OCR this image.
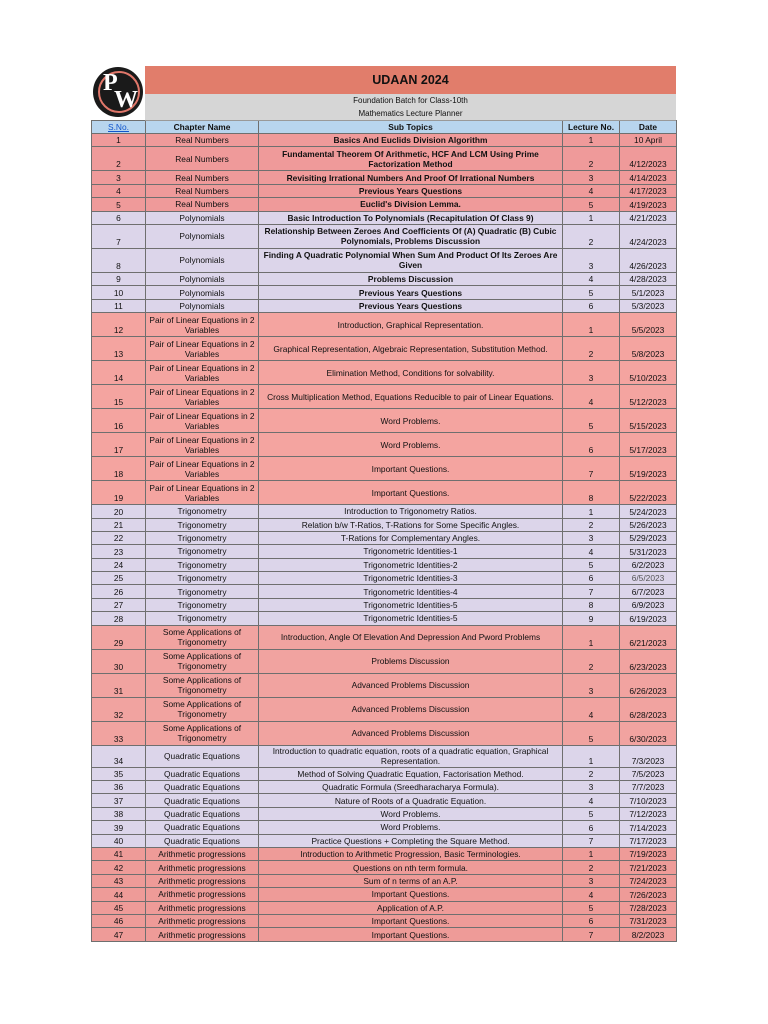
P
W
UDAAN 2024
Foundation Batch for Class-10th
Mathematics Lecture Planner
S.No.	Chapter Name	Sub Topics	Lecture No.	Date
1	Real Numbers	Basics And Euclids Division Algorithm	1	10 April
2	Real Numbers	Fundamental Theorem Of Arithmetic, HCF And LCM Using Prime Factorization Method	2	4/12/2023
3	Real Numbers	Revisiting Irrational Numbers And Proof Of Irrational Numbers	3	4/14/2023
4	Real Numbers	Previous Years Questions	4	4/17/2023
5	Real Numbers	Euclid's Division Lemma.	5	4/19/2023
6	Polynomials	Basic Introduction To Polynomials (Recapitulation Of Class 9)	1	4/21/2023
7	Polynomials	Relationship Between Zeroes And Coefficients Of (A) Quadratic (B) Cubic Polynomials, Problems Discussion	2	4/24/2023
8	Polynomials	Finding A Quadratic Polynomial When Sum And Product Of Its Zeroes Are Given	3	4/26/2023
9	Polynomials	Problems Discussion	4	4/28/2023
10	Polynomials	Previous Years Questions	5	5/1/2023
11	Polynomials	Previous Years Questions	6	5/3/2023
12	Pair of Linear Equations in 2 Variables	Introduction, Graphical Representation.	1	5/5/2023
13	Pair of Linear Equations in 2 Variables	Graphical Representation, Algebraic Representation, Substitution Method.	2	5/8/2023
14	Pair of Linear Equations in 2 Variables	Elimination Method, Conditions for solvability.	3	5/10/2023
15	Pair of Linear Equations in 2 Variables	Cross Multiplication Method, Equations Reducible to pair of Linear Equations.	4	5/12/2023
16	Pair of Linear Equations in 2 Variables	Word Problems.	5	5/15/2023
17	Pair of Linear Equations in 2 Variables	Word Problems.	6	5/17/2023
18	Pair of Linear Equations in 2 Variables	Important Questions.	7	5/19/2023
19	Pair of Linear Equations in 2 Variables	Important Questions.	8	5/22/2023
20	Trigonometry	Introduction to Trigonometry Ratios.	1	5/24/2023
21	Trigonometry	Relation b/w T-Ratios, T-Rations for Some Specific Angles.	2	5/26/2023
22	Trigonometry	T-Rations for Complementary Angles.	3	5/29/2023
23	Trigonometry	Trigonometric Identities-1	4	5/31/2023
24	Trigonometry	Trigonometric Identities-2	5	6/2/2023
25	Trigonometry	Trigonometric Identities-3	6	6/5/2023
26	Trigonometry	Trigonometric Identities-4	7	6/7/2023
27	Trigonometry	Trigonometric Identities-5	8	6/9/2023
28	Trigonometry	Trigonometric Identities-5	9	6/19/2023
29	Some Applications of Trigonometry	Introduction, Angle Of Elevation And Depression And Pword Problems	1	6/21/2023
30	Some Applications of Trigonometry	Problems Discussion	2	6/23/2023
31	Some Applications of Trigonometry	Advanced Problems Discussion	3	6/26/2023
32	Some Applications of Trigonometry	Advanced Problems Discussion	4	6/28/2023
33	Some Applications of Trigonometry	Advanced Problems Discussion	5	6/30/2023
34	Quadratic Equations	Introduction to quadratic equation, roots of a quadratic equation, Graphical Representation.	1	7/3/2023
35	Quadratic Equations	Method of Solving Quadratic Equation, Factorisation Method.	2	7/5/2023
36	Quadratic Equations	Quadratic Formula (Sreedharacharya Formula).	3	7/7/2023
37	Quadratic Equations	Nature of Roots of a Quadratic Equation.	4	7/10/2023
38	Quadratic Equations	Word Problems.	5	7/12/2023
39	Quadratic Equations	Word Problems.	6	7/14/2023
40	Quadratic Equations	Practice Questions + Completing the Square Method.	7	7/17/2023
41	Arithmetic progressions	Introduction to Arithmetic Progression, Basic Terminologies.	1	7/19/2023
42	Arithmetic progressions	Questions on nth term formula.	2	7/21/2023
43	Arithmetic progressions	Sum of n terms of an A.P.	3	7/24/2023
44	Arithmetic progressions	Important Questions.	4	7/26/2023
45	Arithmetic progressions	Application of A.P.	5	7/28/2023
46	Arithmetic progressions	Important Questions.	6	7/31/2023
47	Arithmetic progressions	Important Questions.	7	8/2/2023
